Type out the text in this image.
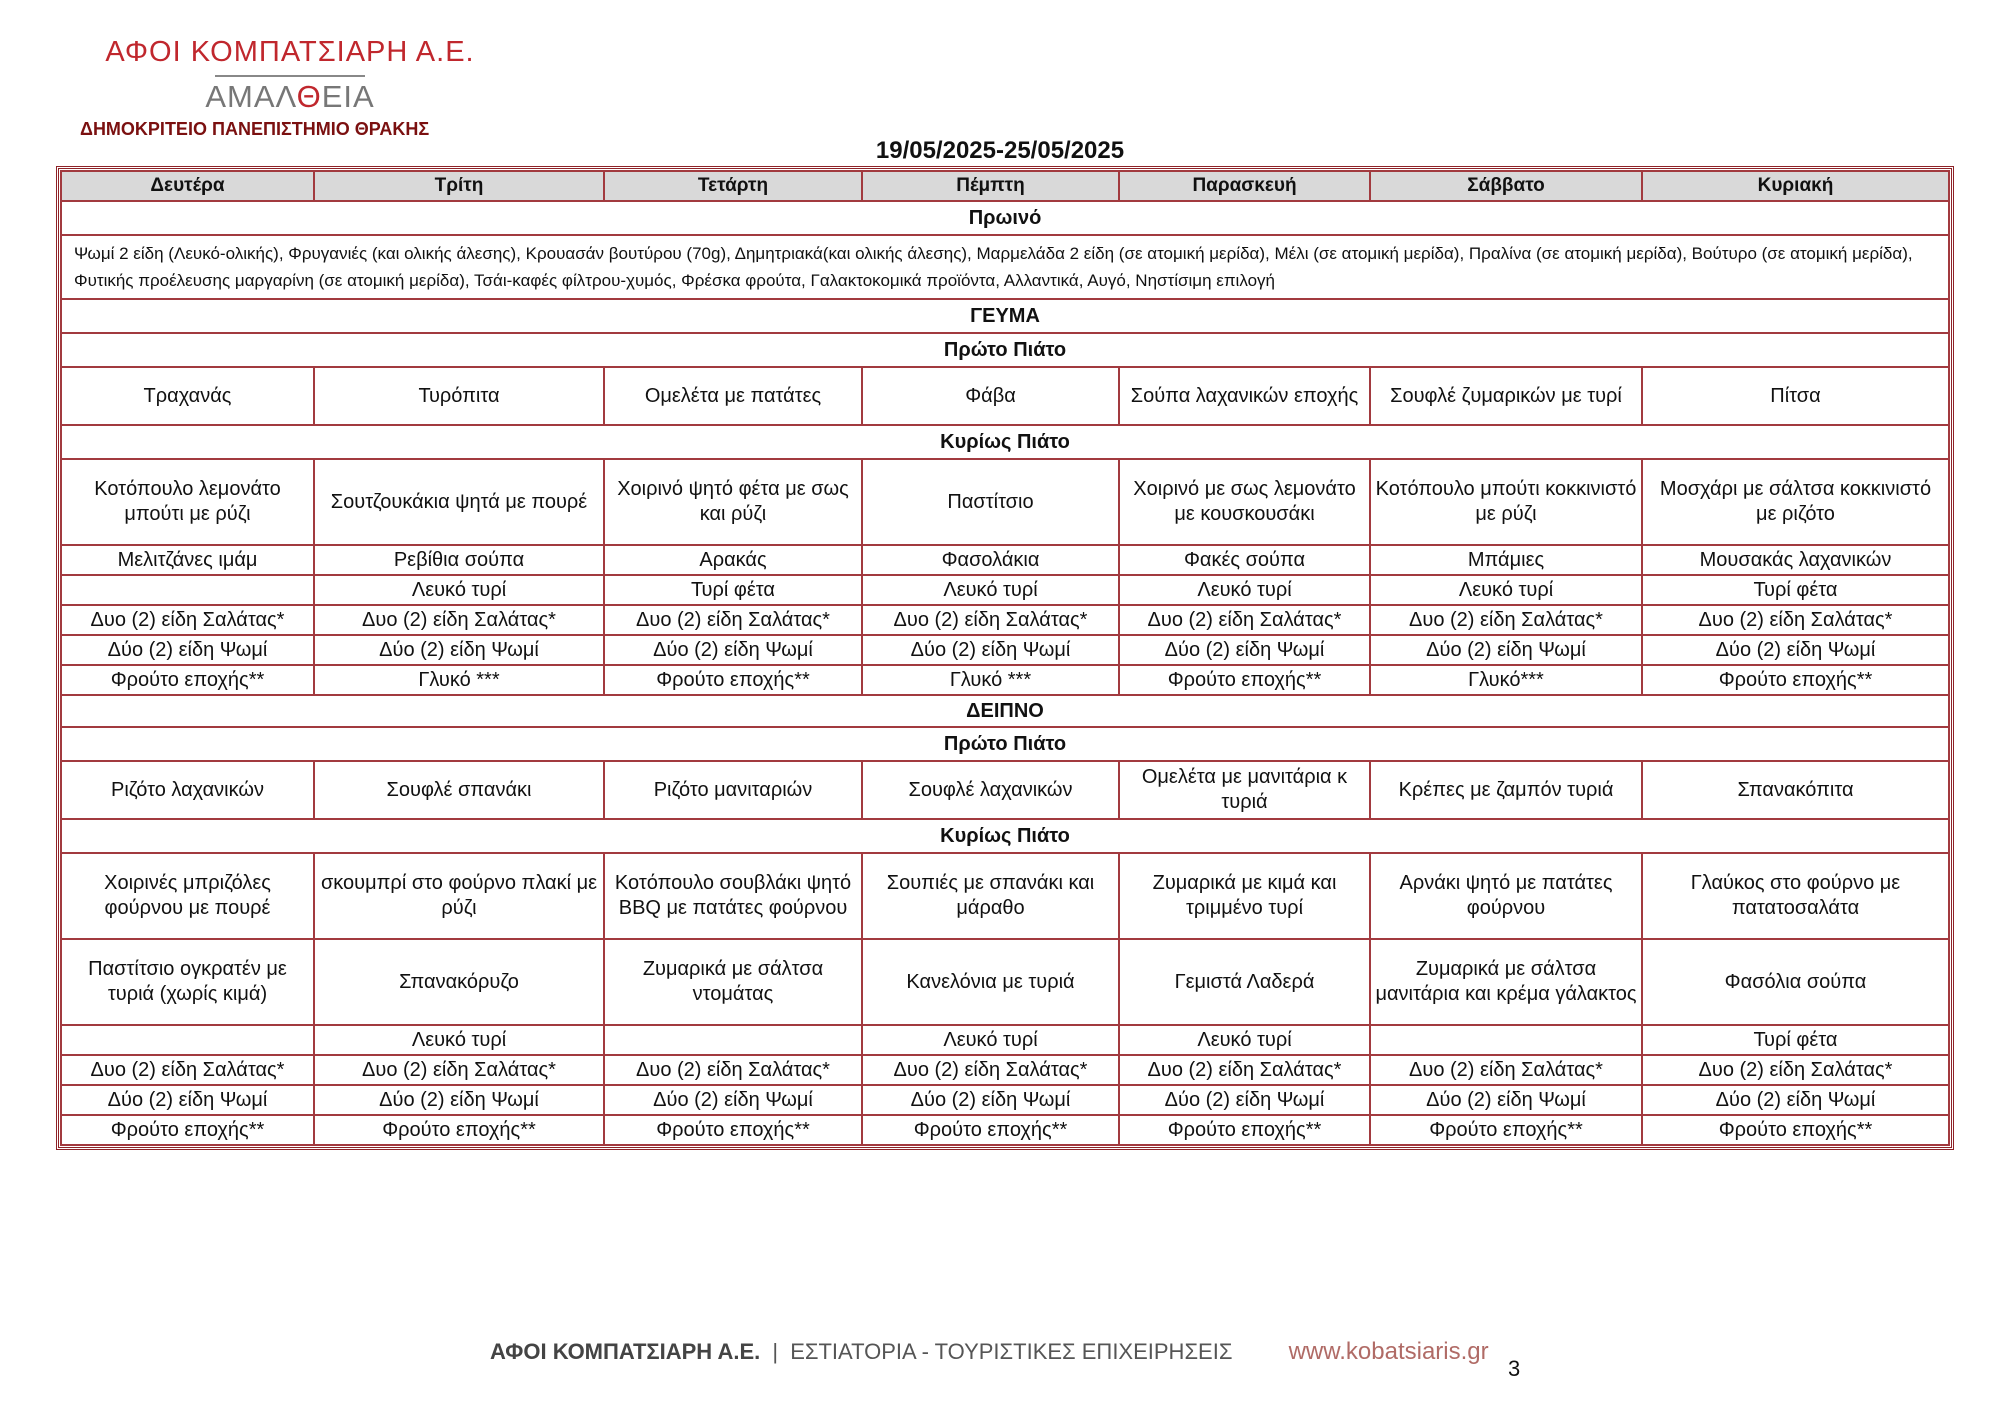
ΑΦΟΙ ΚΟΜΠΑΤΣΙΑΡΗ Α.Ε.
ΑΜΑΛΘΕΙΑ
ΔΗΜΟΚΡΙΤΕΙΟ ΠΑΝΕΠΙΣΤΗΜΙΟ ΘΡΑΚΗΣ
19/05/2025-25/05/2025
Δευτέρα	Τρίτη	Τετάρτη	Πέμπτη	Παρασκευή	Σάββατο	Κυριακή
Πρωινό						
Ψωμί 2 είδη (Λευκό-ολικής), Φρυγανιές (και ολικής άλεσης), Κρουασάν βουτύρου (70g), Δημητριακά(και ολικής άλεσης), Μαρμελάδα 2 είδη (σε ατομική μερίδα), Μέλι (σε ατομική μερίδα), Πραλίνα (σε ατομική μερίδα), Βούτυρο (σε ατομική μερίδα), Φυτικής προέλευσης μαργαρίνη (σε ατομική μερίδα), Τσάι-καφές φίλτρου-χυμός, Φρέσκα φρούτα, Γαλακτοκομικά προϊόντα, Αλλαντικά, Αυγό, Νηστίσιμη επιλογή						
ΓΕΥΜΑ						
Πρώτο Πιάτο						
Τραχανάς	Τυρόπιτα	Ομελέτα με πατάτες	Φάβα	Σούπα λαχανικών εποχής	Σουφλέ ζυμαρικών με τυρί	Πίτσα
Κυρίως Πιάτο						
Κοτόπουλο λεμονάτο μπούτι με ρύζι	Σουτζουκάκια ψητά με πουρέ	Χοιρινό ψητό φέτα με σως και ρύζι	Παστίτσιο	Χοιρινό με σως λεμονάτο με κουσκουσάκι	Κοτόπουλο μπούτι κοκκινιστό με ρύζι	Μοσχάρι με σάλτσα κοκκινιστό με ριζότο
Μελιτζάνες ιμάμ	Ρεβίθια σούπα	Αρακάς	Φασολάκια	Φακές σούπα	Μπάμιες	Μουσακάς λαχανικών
	Λευκό τυρί	Τυρί φέτα	Λευκό τυρί	Λευκό τυρί	Λευκό τυρί	Τυρί φέτα
Δυο (2) είδη Σαλάτας*	Δυο (2) είδη Σαλάτας*	Δυο (2) είδη Σαλάτας*	Δυο (2) είδη Σαλάτας*	Δυο (2) είδη Σαλάτας*	Δυο (2) είδη Σαλάτας*	Δυο (2) είδη Σαλάτας*
Δύο (2) είδη Ψωμί	Δύο (2) είδη Ψωμί	Δύο (2) είδη Ψωμί	Δύο (2) είδη Ψωμί	Δύο (2) είδη Ψωμί	Δύο (2) είδη Ψωμί	Δύο (2) είδη Ψωμί
Φρούτο εποχής**	Γλυκό ***	Φρούτο εποχής**	Γλυκό ***	Φρούτο εποχής**	Γλυκό***	Φρούτο εποχής**
ΔΕΙΠΝΟ						
Πρώτο Πιάτο						
Ριζότο λαχανικών	Σουφλέ σπανάκι	Ριζότο μανιταριών	Σουφλέ λαχανικών	Ομελέτα με μανιτάρια κ τυριά	Κρέπες με ζαμπόν τυριά	Σπανακόπιτα
Κυρίως Πιάτο						
Χοιρινές μπριζόλες φούρνου με πουρέ	σκουμπρί στο φούρνο πλακί με ρύζι	Κοτόπουλο σουβλάκι ψητό BBQ με πατάτες φούρνου	Σουπιές με σπανάκι και μάραθο	Ζυμαρικά με κιμά και τριμμένο τυρί	Αρνάκι ψητό με πατάτες φούρνου	Γλαύκος στο φούρνο με πατατοσαλάτα
Παστίτσιο ογκρατέν με τυριά (χωρίς κιμά)	Σπανακόρυζο	Ζυμαρικά με σάλτσα ντομάτας	Κανελόνια με τυριά	Γεμιστά Λαδερά	Ζυμαρικά με σάλτσα μανιτάρια και κρέμα γάλακτος	Φασόλια σούπα
	Λευκό τυρί		Λευκό τυρί	Λευκό τυρί		Τυρί φέτα
Δυο (2) είδη Σαλάτας*	Δυο (2) είδη Σαλάτας*	Δυο (2) είδη Σαλάτας*	Δυο (2) είδη Σαλάτας*	Δυο (2) είδη Σαλάτας*	Δυο (2) είδη Σαλάτας*	Δυο (2) είδη Σαλάτας*
Δύο (2) είδη Ψωμί	Δύο (2) είδη Ψωμί	Δύο (2) είδη Ψωμί	Δύο (2) είδη Ψωμί	Δύο (2) είδη Ψωμί	Δύο (2) είδη Ψωμί	Δύο (2) είδη Ψωμί
Φρούτο εποχής**	Φρούτο εποχής**	Φρούτο εποχής**	Φρούτο εποχής**	Φρούτο εποχής**	Φρούτο εποχής**	Φρούτο εποχής**
ΑΦΟΙ ΚΟΜΠΑΤΣΙΑΡΗ Α.Ε. | ΕΣΤΙΑΤΟΡΙΑ - ΤΟΥΡΙΣΤΙΚΕΣ ΕΠΙΧΕΙΡΗΣΕΙΣ www.kobatsiaris.gr
3
